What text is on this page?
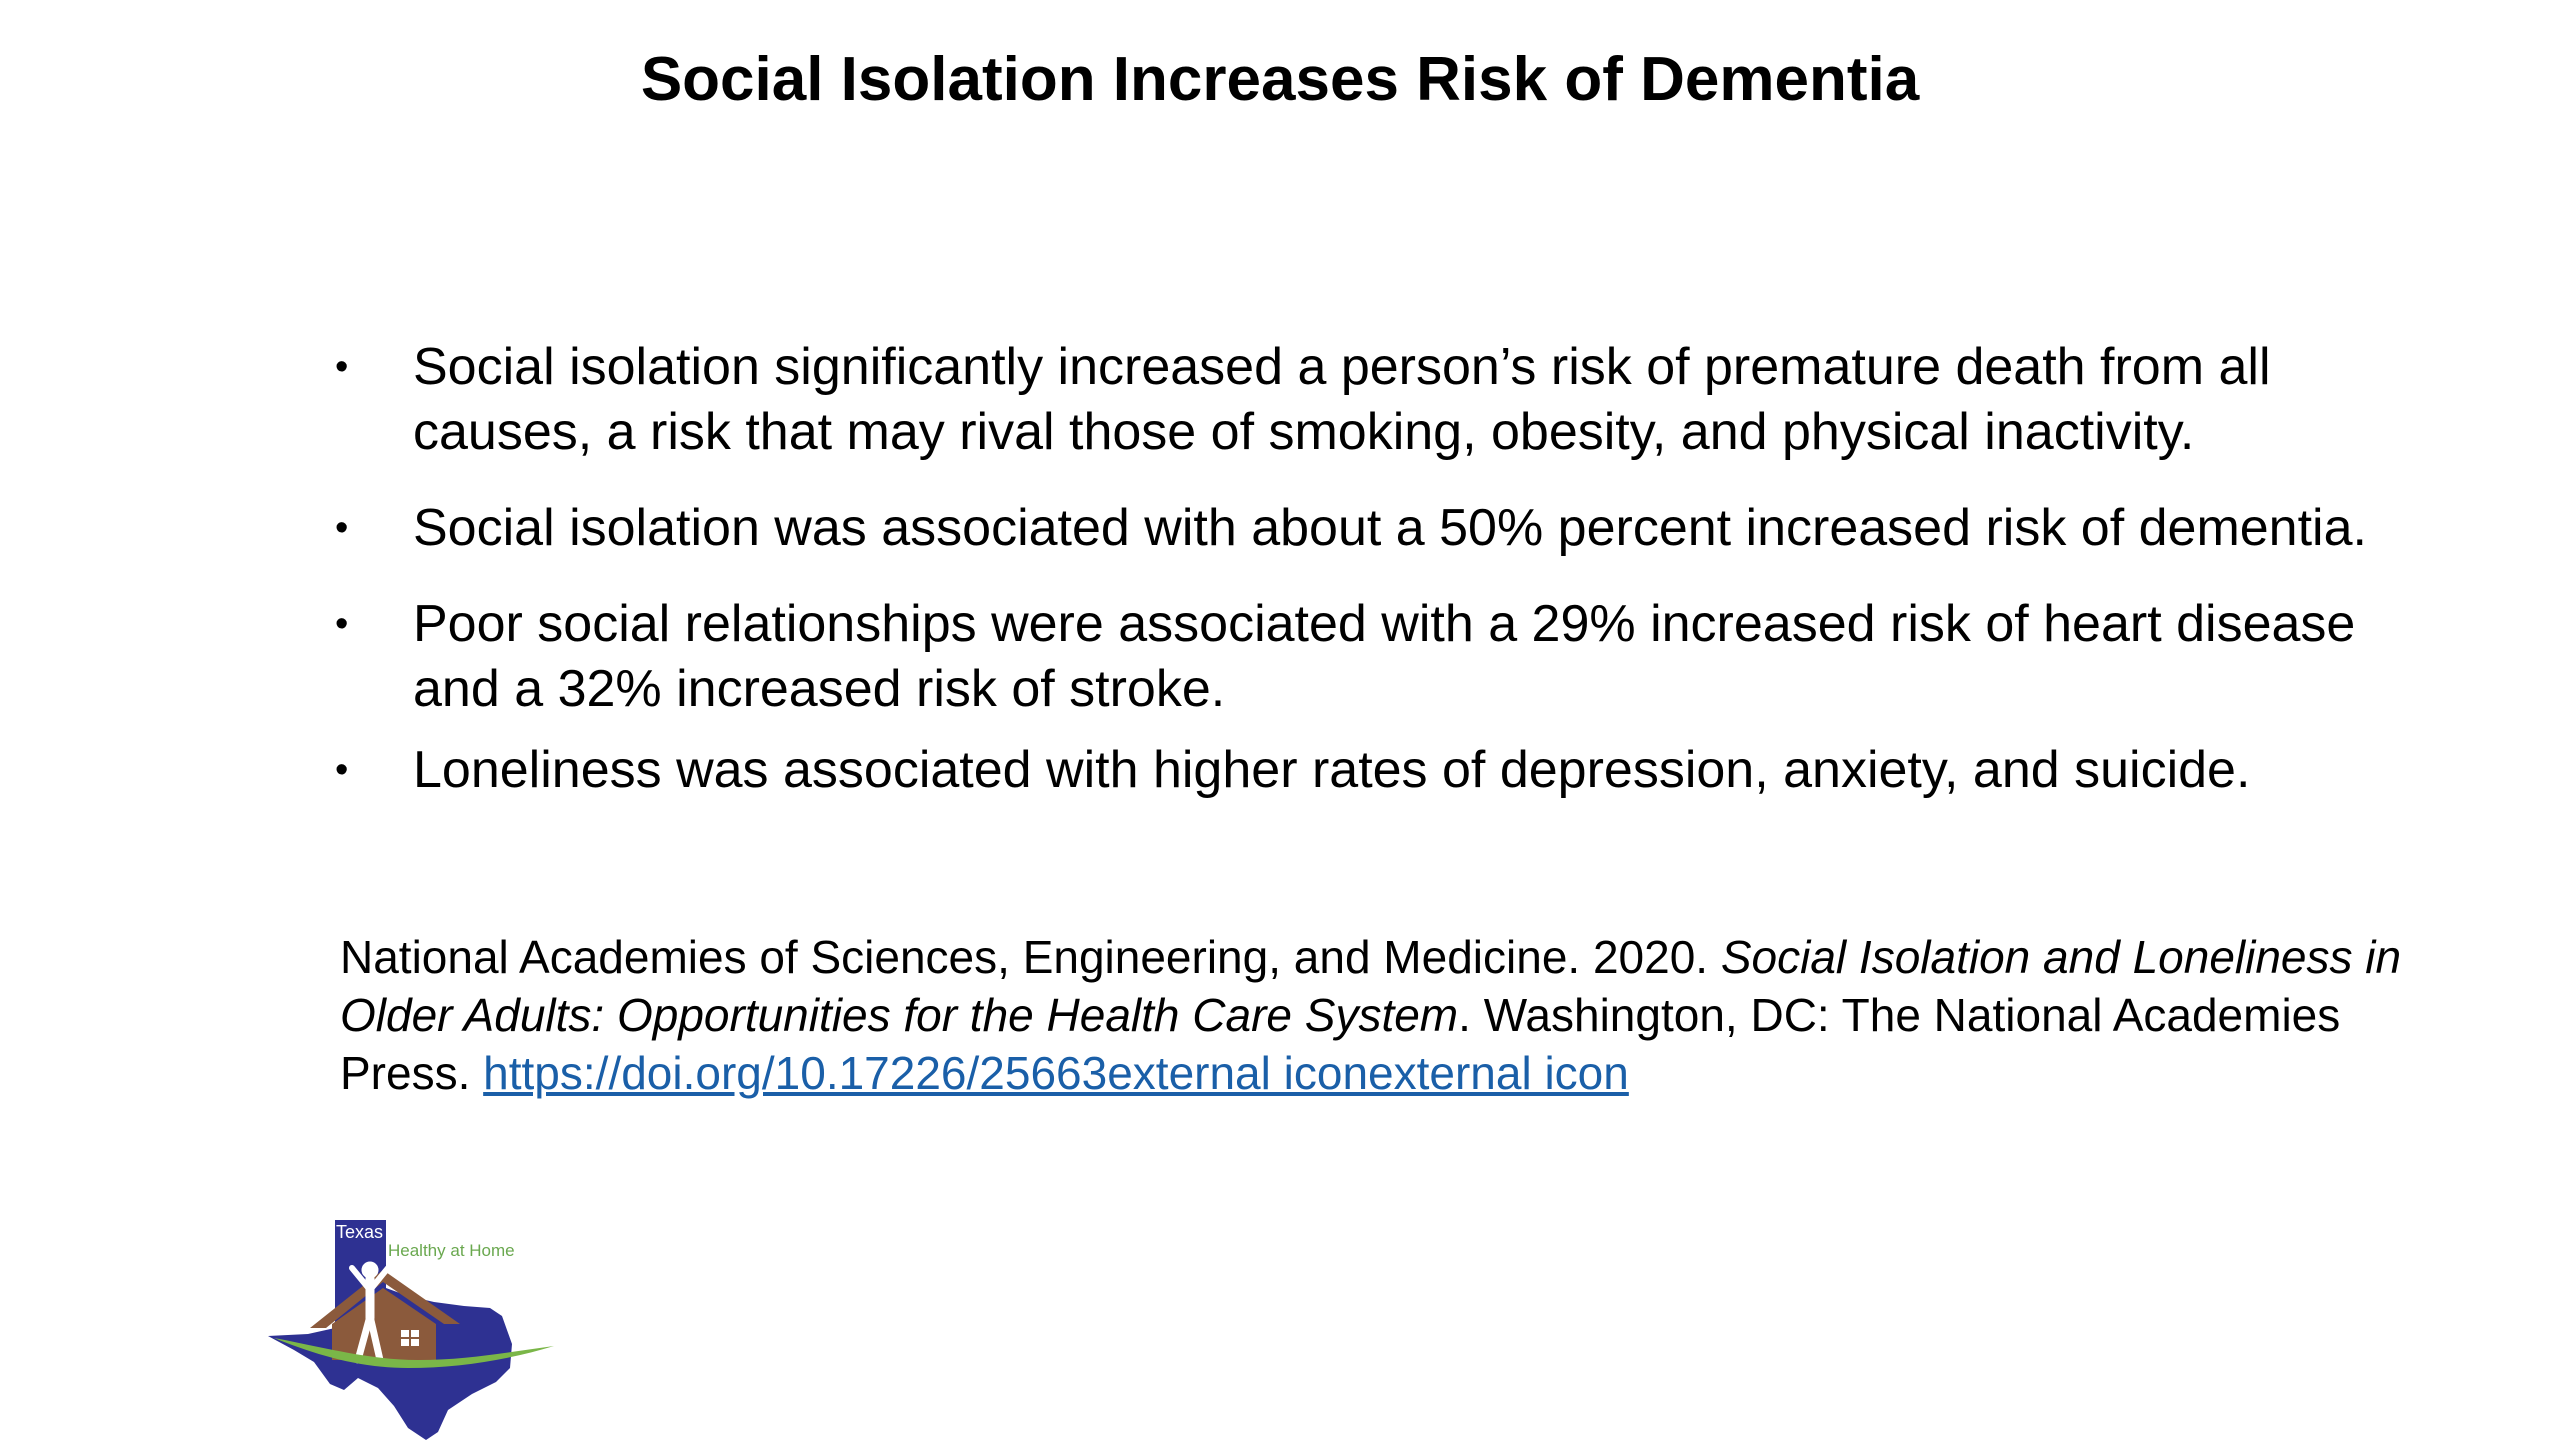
Social Isolation Increases Risk of Dementia
•	Social isolation significantly increased a person’s risk of premature death from all causes, a risk that may rival those of smoking, obesity, and physical inactivity.
•	Social isolation was associated with about a 50% percent increased risk of dementia.
•	Poor social relationships were associated with a 29% increased risk of heart disease and a 32% increased risk of stroke.
•	Loneliness was associated with higher rates of depression, anxiety, and suicide.

National Academies of Sciences, Engineering, and Medicine. 2020. Social Isolation and Loneliness in Older Adults: Opportunities for the Health Care System. Washington, DC: The National Academies Press. https://doi.org/10.17226/25663external iconexternal icon

Texas
Healthy at Home
